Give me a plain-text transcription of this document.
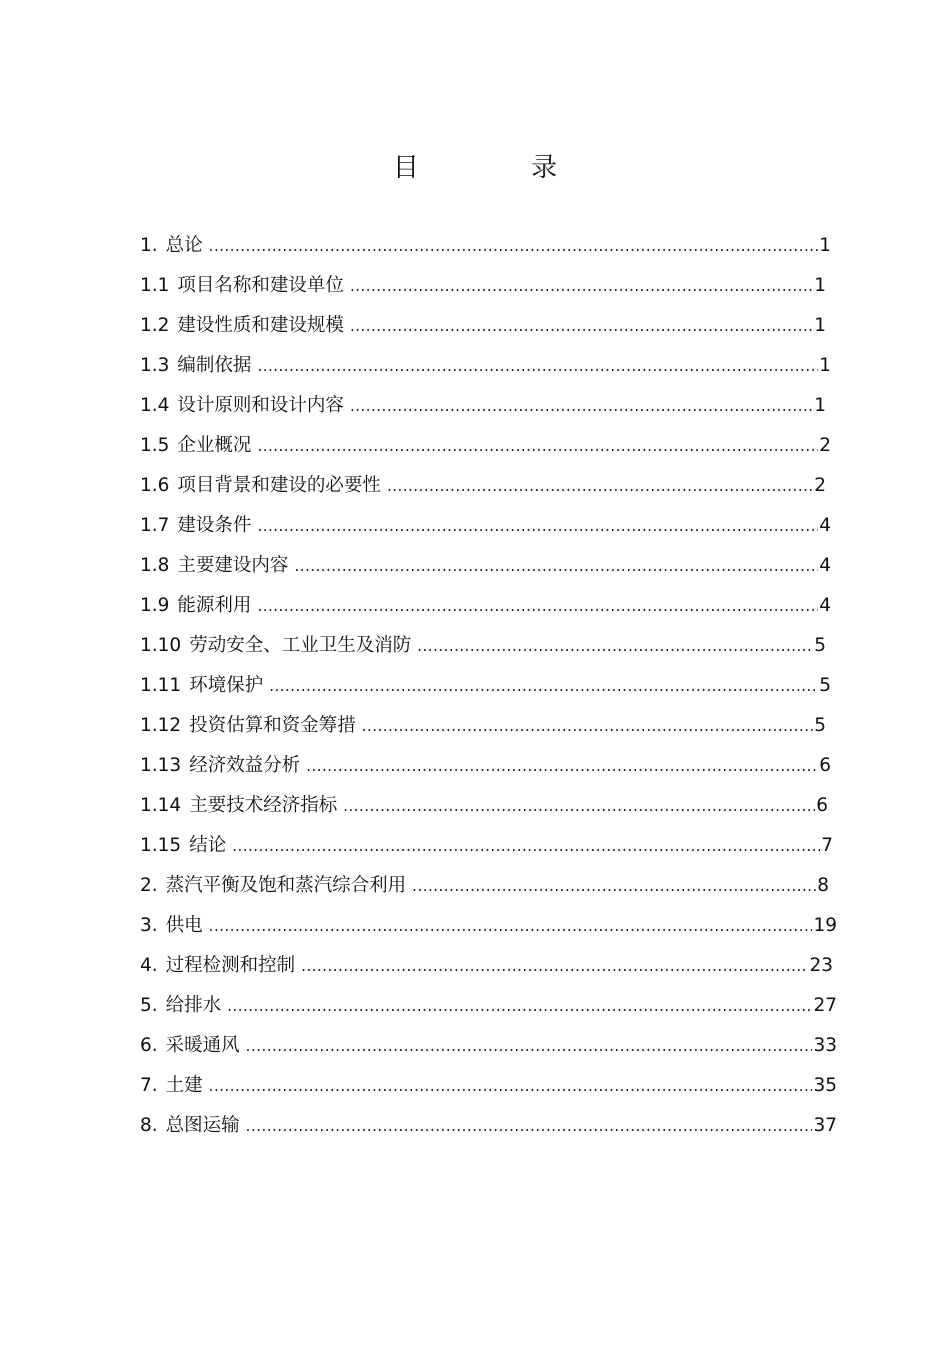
目 录
1. 总论 .....	1
1.1 项目名称和建设单位 .....	1
1.2 建设性质和建设规模 .....	1
1.3 编制依据 .....	1
1.4 设计原则和设计内容 .....	1
1.5 企业概况 .....	2
1.6 项目背景和建设的必要性 .....	2
1.7 建设条件 .....	4
1.8 主要建设内容 .....	4
1.9 能源利用 .....	4
1.10 劳动安全、工业卫生及消防 .....	5
1.11 环境保护 .....	5
1.12 投资估算和资金筹措 .....	5
1.13 经济效益分析 .....	6
1.14 主要技术经济指标 .....	6
1.15 结论 .....	7
2. 蒸汽平衡及饱和蒸汽综合利用 .....	8
3. 供电 .....	19
4. 过程检测和控制 .....	23
5. 给排水 .....	27
6. 采暖通风 .....	33
7. 土建 .....	35
8. 总图运输 .....	37
